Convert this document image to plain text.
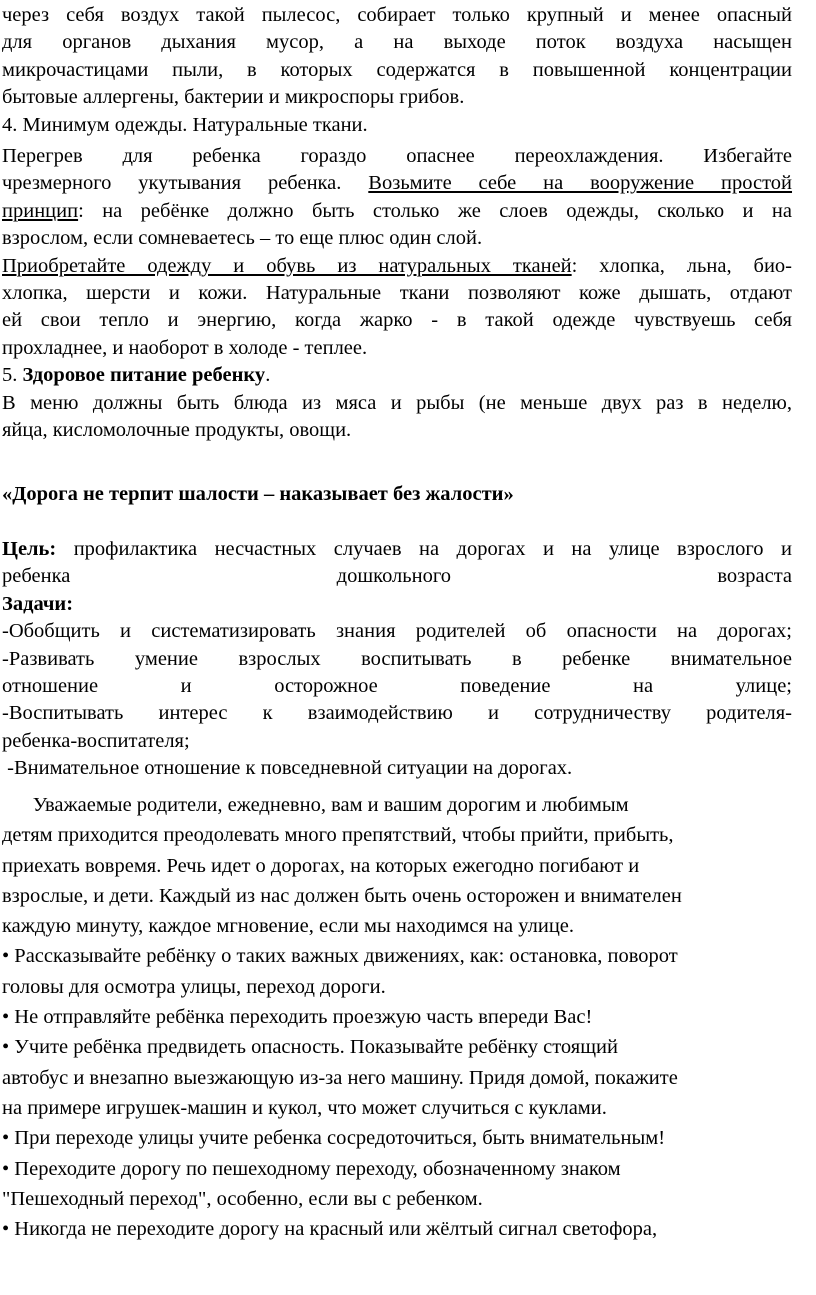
через себя воздух такой пылесос, собирает только крупный и менее опасный

для органов дыхания мусор, а на выходе поток воздуха насыщен

микрочастицами пыли, в которых содержатся в повышенной концентрации

бытовые аллергены, бактерии и микроспоры грибов.

4. Минимум одежды. Натуральные ткани.

Перегрев для ребенка гораздо опаснее переохлаждения. Избегайте

чрезмерного укутывания ребенка. Возьмите себе на вооружение простой

принцип: на ребёнке должно быть столько же слоев одежды, сколько и на

взрослом, если сомневаетесь – то еще плюс один слой.

Приобретайте одежду и обувь из натуральных тканей: хлопка, льна, био-

хлопка, шерсти и кожи. Натуральные ткани позволяют коже дышать, отдают

ей свои тепло и энергию, когда жарко - в такой одежде чувствуешь себя

прохладнее, и наоборот в холоде - теплее.

5. Здоровое питание ребенку.

В меню должны быть блюда из мяса и рыбы (не меньше двух раз в неделю,

яйца, кисломолочные продукты, овощи.

«Дорога не терпит шалости – наказывает без жалости»

Цель: профилактика несчастных случаев на дорогах и на улице взрослого и

ребенка дошкольного возраста

Задачи:

-Обобщить и систематизировать знания родителей об опасности на дорогах;

-Развивать умение взрослых воспитывать в ребенке внимательное

отношение и осторожное поведение на улице;

-Воспитывать интерес к взаимодействию и сотрудничеству родителя-

ребенка-воспитателя;

-Внимательное отношение к повседневной ситуации на дорогах.

Уважаемые родители, ежедневно, вам и вашим дорогим и любимым
детям приходится преодолевать много препятствий, чтобы прийти, прибыть,
приехать вовремя. Речь идет о дорогах, на которых ежегодно погибают и
взрослые, и дети. Каждый из нас должен быть очень осторожен и внимателен
каждую минуту, каждое мгновение, если мы находимся на улице.
• Рассказывайте ребёнку о таких важных движениях, как: остановка, поворот
головы для осмотра улицы, переход дороги.
• Не отправляйте ребёнка переходить проезжую часть впереди Вас!
• Учите ребёнка предвидеть опасность. Показывайте ребёнку стоящий
автобус и внезапно выезжающую из-за него машину. Придя домой, покажите
на примере игрушек-машин и кукол, что может случиться с куклами.
• При переходе улицы учите ребенка сосредоточиться, быть внимательным!
• Переходите дорогу по пешеходному переходу, обозначенному знаком
"Пешеходный переход", особенно, если вы с ребенком.
• Никогда не переходите дорогу на красный или жёлтый сигнал светофора,
